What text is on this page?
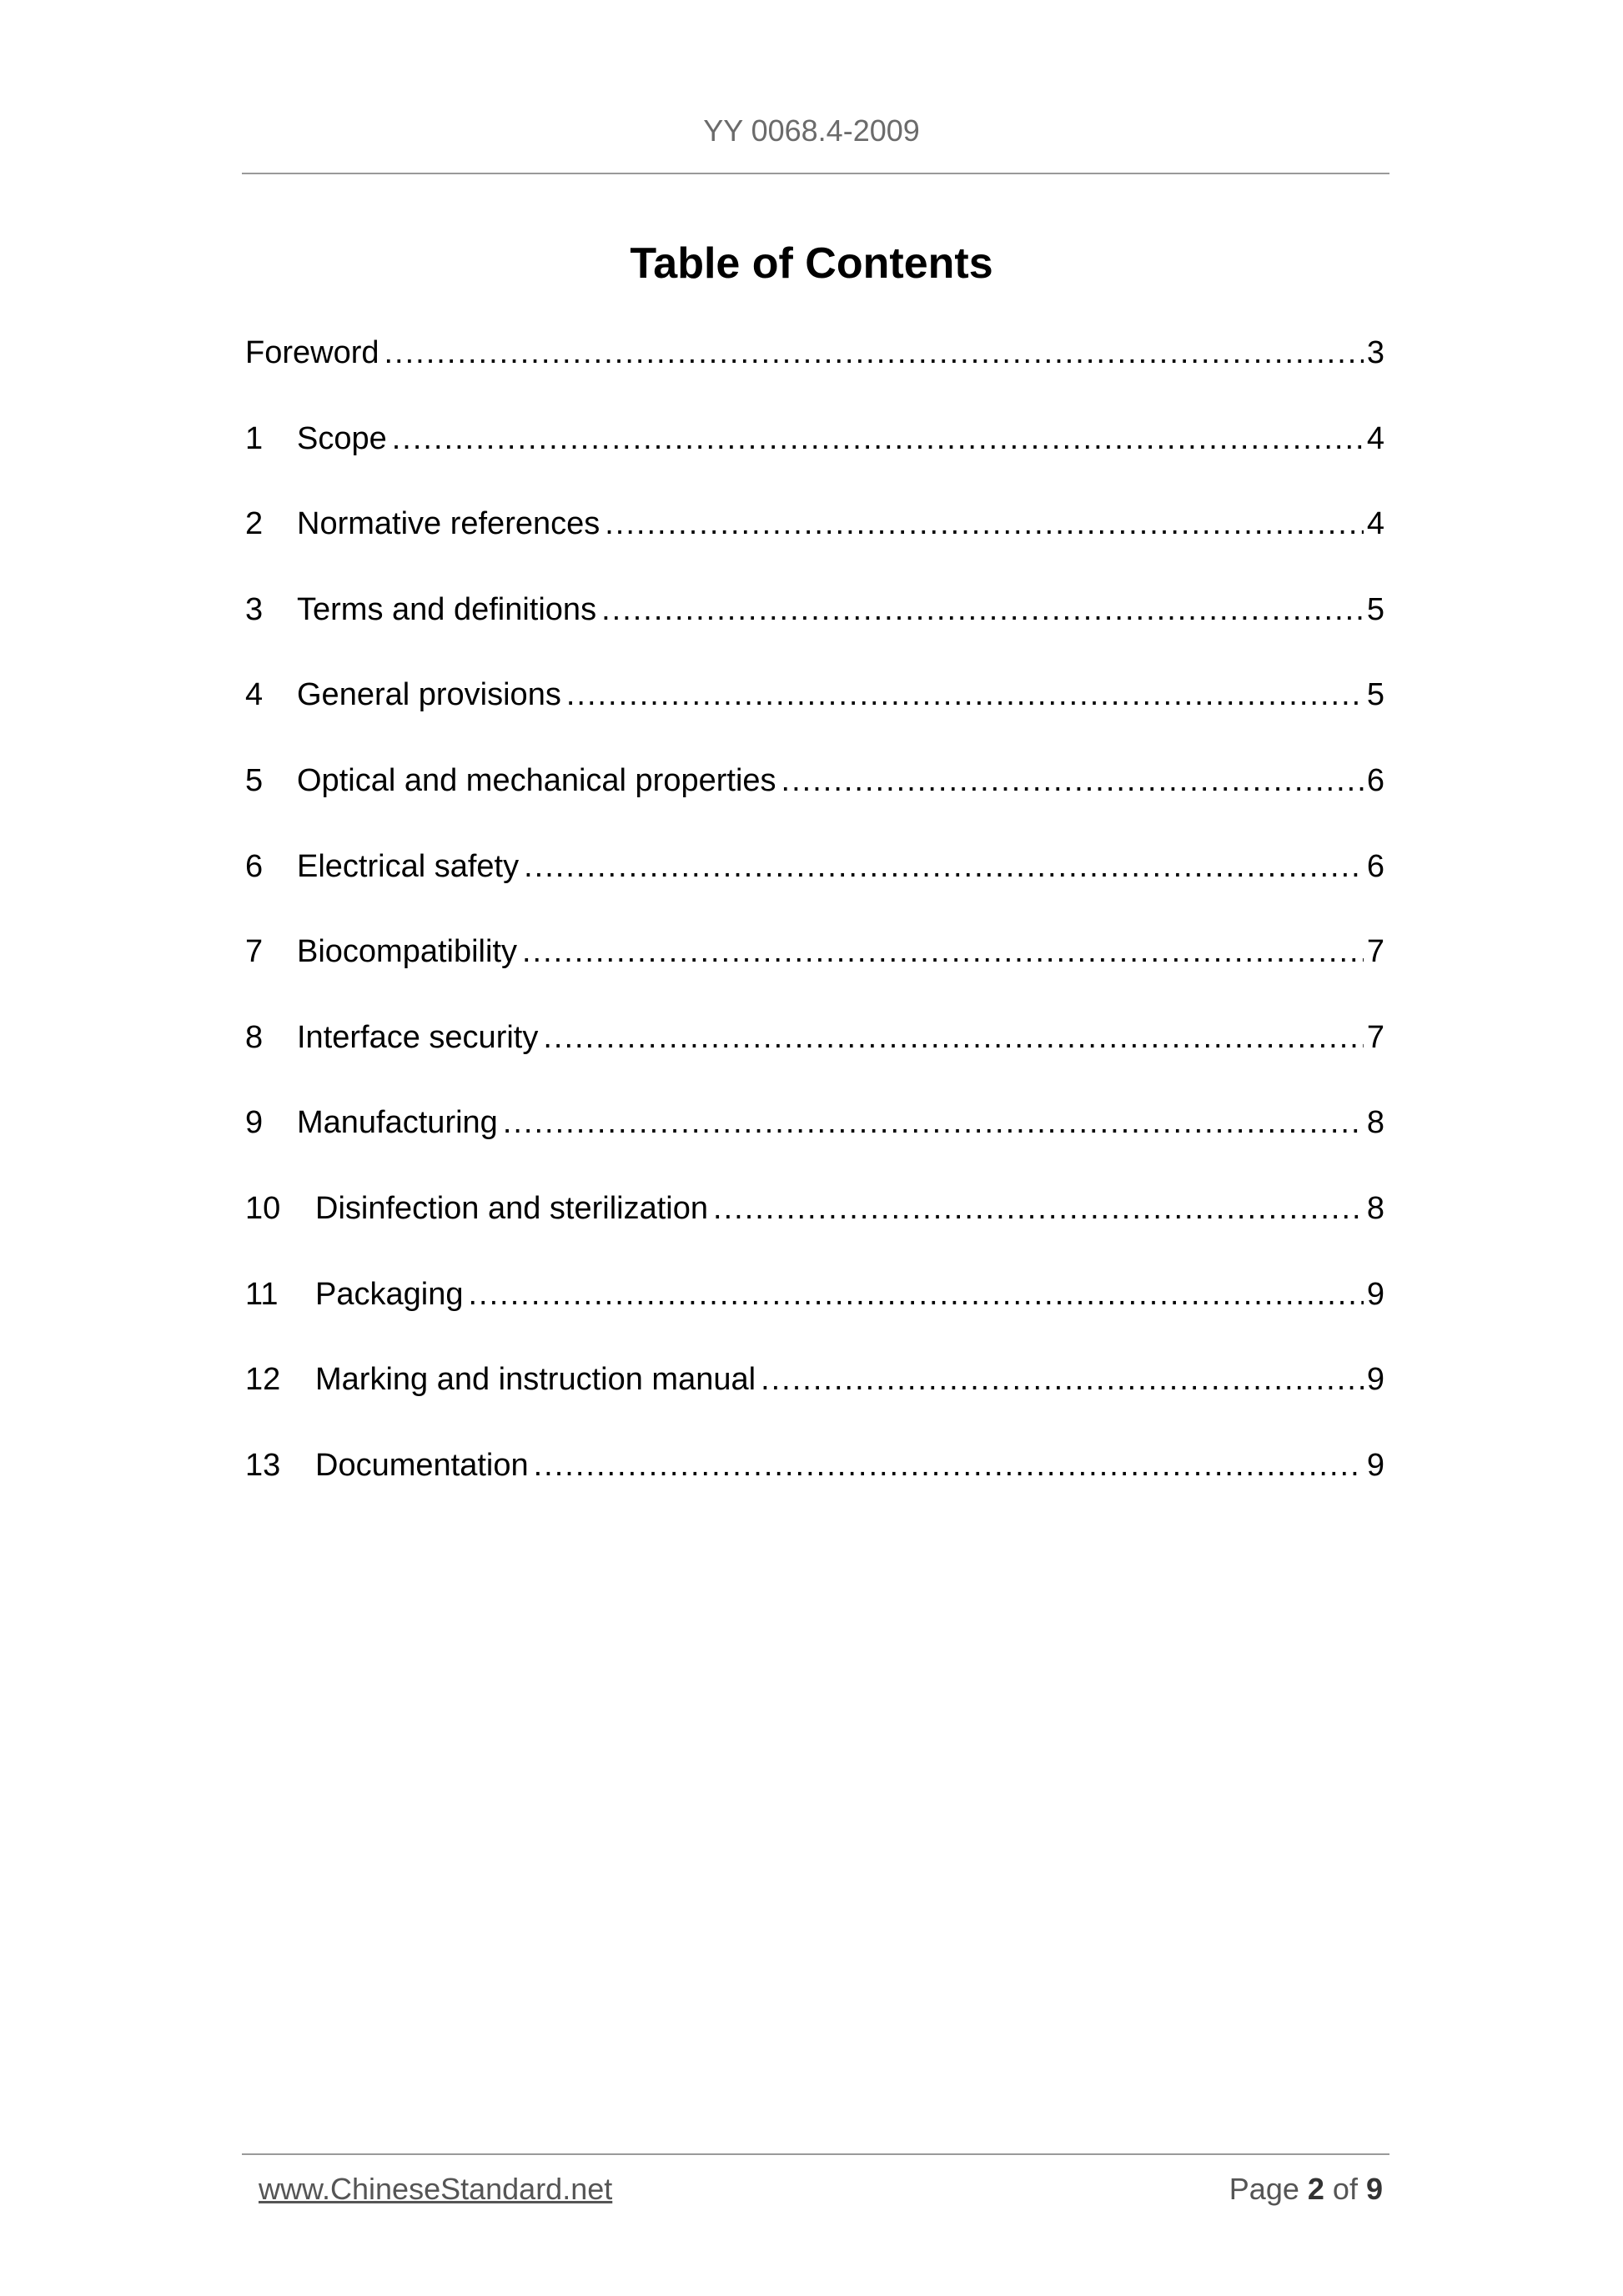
YY 0068.4-2009
Table of Contents
Foreword .....	3
1	Scope .....	4
2	Normative references .....	4
3	Terms and definitions .....	5
4	General provisions .....	5
5	Optical and mechanical properties .....	6
6	Electrical safety .....	6
7	Biocompatibility .....	7
8	Interface security .....	7
9	Manufacturing .....	8
10	Disinfection and sterilization .....	8
11	Packaging .....	9
12	Marking and instruction manual .....	9
13	Documentation .....	9
www.ChineseStandard.net	Page 2 of 9
